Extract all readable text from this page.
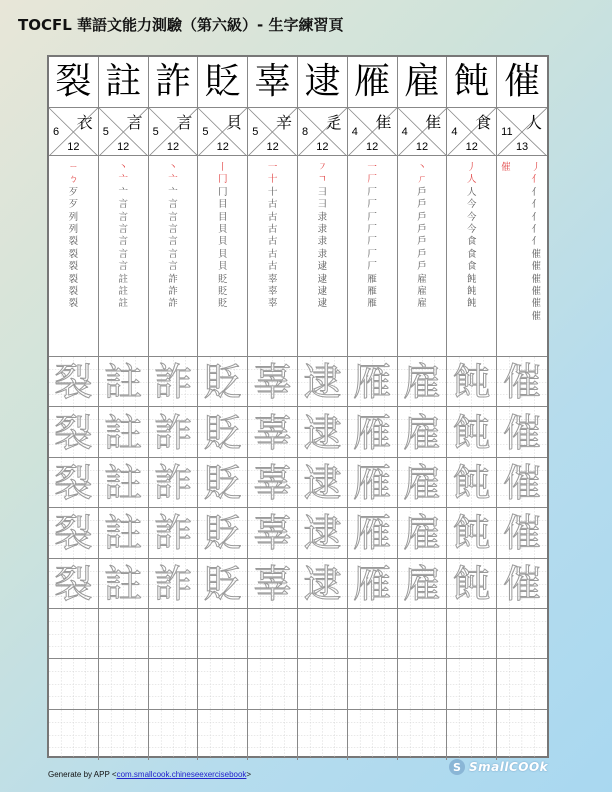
TOCFL 華語文能力測驗（第六級）- 生字練習頁
裂 註 詐 貶 辜 逮 雁 雇 飩 催
衣
6
12
言
5
12
言
5
12
貝
5
12
辛
5
12
辵
8
12
隹
4
12
隹
4
12
食
4
12
人
11
13
ㄧ
ㄅ
歹
歹
列
列
裂
裂
裂
裂
裂
裂
丶
亠
亠
言
言
言
言
言
言
註
註
註
丶
亠
亠
言
言
言
言
言
言
詐
詐
詐
丨
冂
冂
目
目
貝
貝
貝
貝
貶
貶
貶
一
十
十
古
古
古
古
古
古
辜
辜
辜
㇇
ㄱ
⺕
⺕
隶
隶
隶
隶
逮
逮
逮
逮
一
厂
厂
厂
厂
厂
厂
厂
厂
雁
雁
雁
丶
ㄏ
戶
戶
戶
戶
戶
戶
戶
雇
雇
雇
丿
人
人
今
今
今
食
食
食
飩
飩
飩
催 丿
亻
亻
亻
亻
亻
亻
催
催
催
催
催
催
裂 註 詐 貶 辜 逮 雁 雇 飩 催
裂 註 詐 貶 辜 逮 雁 雇 飩 催
裂 註 詐 貶 辜 逮 雁 雇 飩 催
裂 註 詐 貶 辜 逮 雁 雇 飩 催
裂 註 詐 貶 辜 逮 雁 雇 飩 催
Generate by APP <com.smallcook.chineseexercisebook>
S SmallCOOk
